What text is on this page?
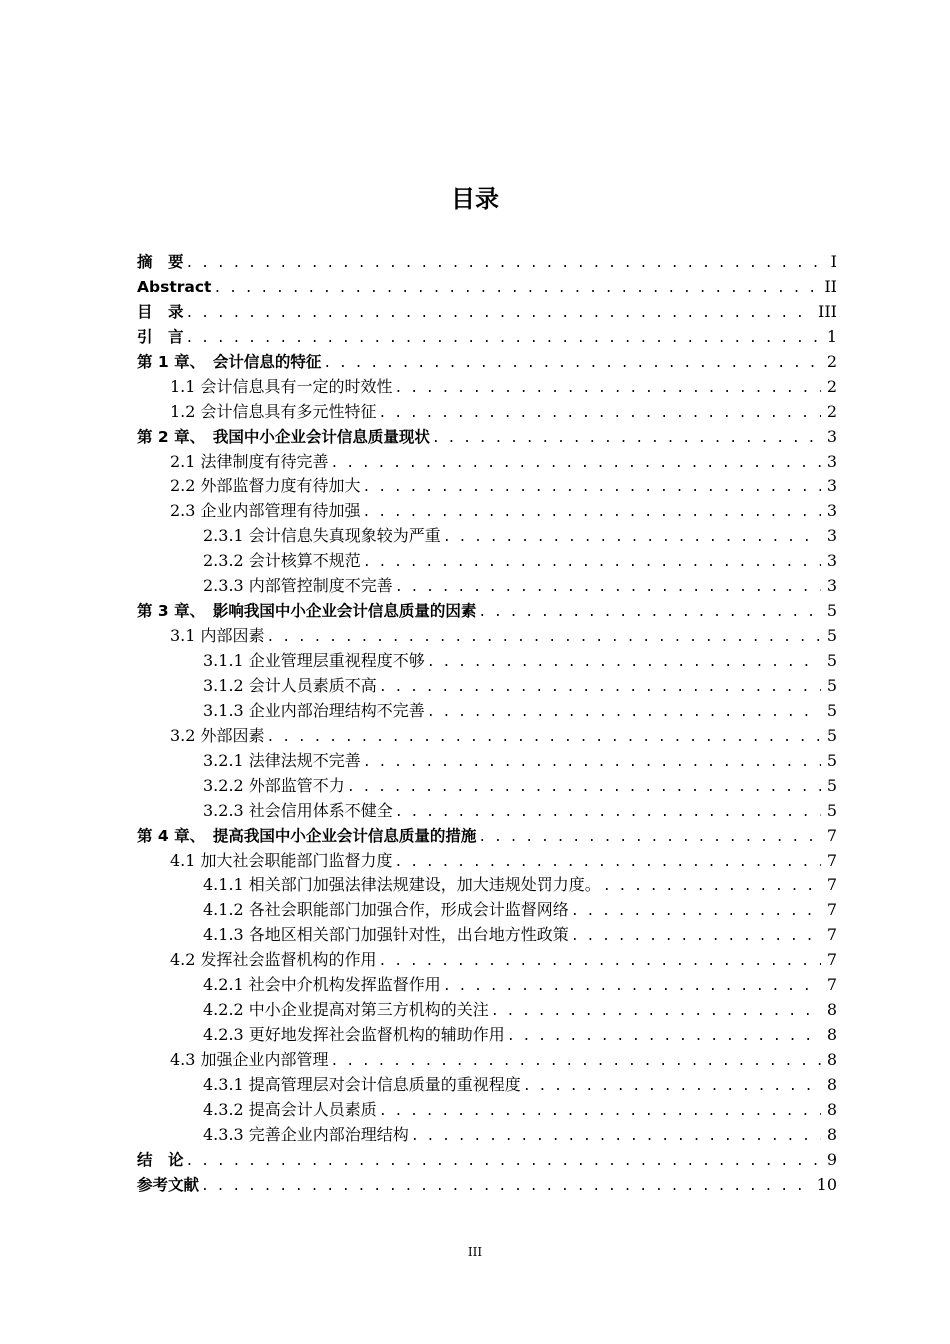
目录
摘　要 . . .	I
Abstract . . .	II
目　录 . . .	III
引　言 . . .	1
第 1 章、　会计信息的特征 . . .	2
1.1 会计信息具有一定的时效性 . . .	2
1.2 会计信息具有多元性特征 . . .	2
第 2 章、　我国中小企业会计信息质量现状 . . .	3
2.1 法律制度有待完善 . . .	3
2.2 外部监督力度有待加大 . . .	3
2.3 企业内部管理有待加强 . . .	3
2.3.1 会计信息失真现象较为严重 . . .	3
2.3.2 会计核算不规范 . . .	3
2.3.3 内部管控制度不完善 . . .	3
第 3 章、　影响我国中小企业会计信息质量的因素 . . .	5
3.1 内部因素 . . .	5
3.1.1 企业管理层重视程度不够 . . .	5
3.1.2 会计人员素质不高 . . .	5
3.1.3 企业内部治理结构不完善 . . .	5
3.2 外部因素 . . .	5
3.2.1 法律法规不完善 . . .	5
3.2.2 外部监管不力 . . .	5
3.2.3 社会信用体系不健全 . . .	5
第 4 章、　提高我国中小企业会计信息质量的措施 . . .	7
4.1 加大社会职能部门监督力度 . . .	7
4.1.1 相关部门加强法律法规建设，加大违规处罚力度。 . . .	7
4.1.2 各社会职能部门加强合作，形成会计监督网络 . . .	7
4.1.3 各地区相关部门加强针对性，出台地方性政策 . . .	7
4.2 发挥社会监督机构的作用 . . .	7
4.2.1 社会中介机构发挥监督作用 . . .	7
4.2.2 中小企业提高对第三方机构的关注 . . .	8
4.2.3 更好地发挥社会监督机构的辅助作用 . . .	8
4.3 加强企业内部管理 . . .	8
4.3.1 提高管理层对会计信息质量的重视程度 . . .	8
4.3.2 提高会计人员素质 . . .	8
4.3.3 完善企业内部治理结构 . . .	8
结　论 . . .	9
参考文献 . . .	10
III
